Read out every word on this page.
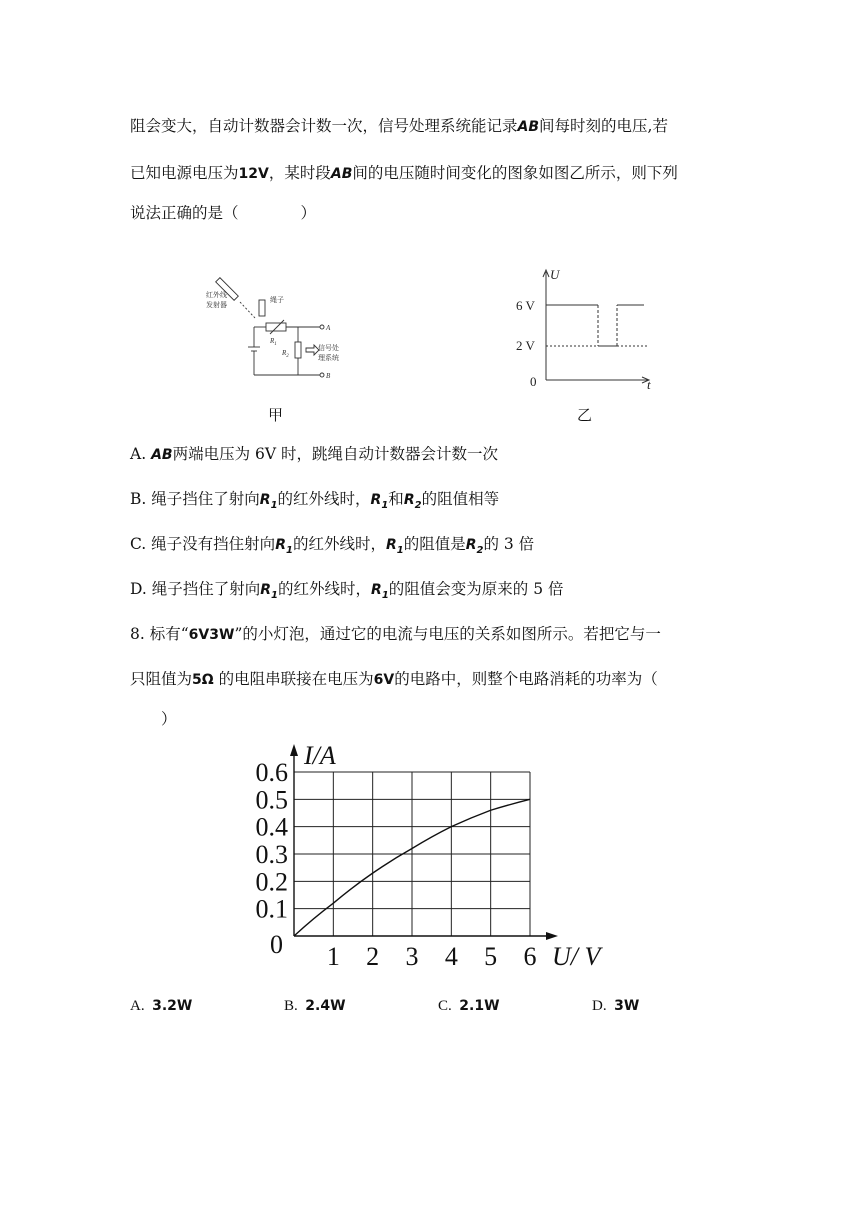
阻会变大，自动计数器会计数一次，信号处理系统能记录AB间每时刻的电压,若
已知电源电压为12V，某时段AB间的电压随时间变化的图象如图乙所示，则下列
说法正确的是（　　　　）
红外线
发射器
绳子
$R_1$
$R_2$
信号处
理系统
A
B
甲
U
t
6 V
2 V
0
乙
A. AB两端电压为 6V 时，跳绳自动计数器会计数一次
B. 绳子挡住了射向$R_1$的红外线时，$R_1$和$R_2$的阻值相等
C. 绳子没有挡住射向$R_1$的红外线时，$R_1$的阻值是$R_2$的 3 倍
D. 绳子挡住了射向$R_1$的红外线时，$R_1$的阻值会变为原来的 5 倍
8. 标有“6V3W”的小灯泡，通过它的电流与电压的关系如图所示。若把它与一
只阻值为5Ω 的电阻串联接在电压为6V的电路中，则整个电路消耗的功率为（
　　）
1 2 3 4 5 6
0.1
0.2
0.3
0.4
0.5
0.6
0
I/A
U/ V
A.  3.2W	B.  2.4W	C.  2.1W	D.  3W
